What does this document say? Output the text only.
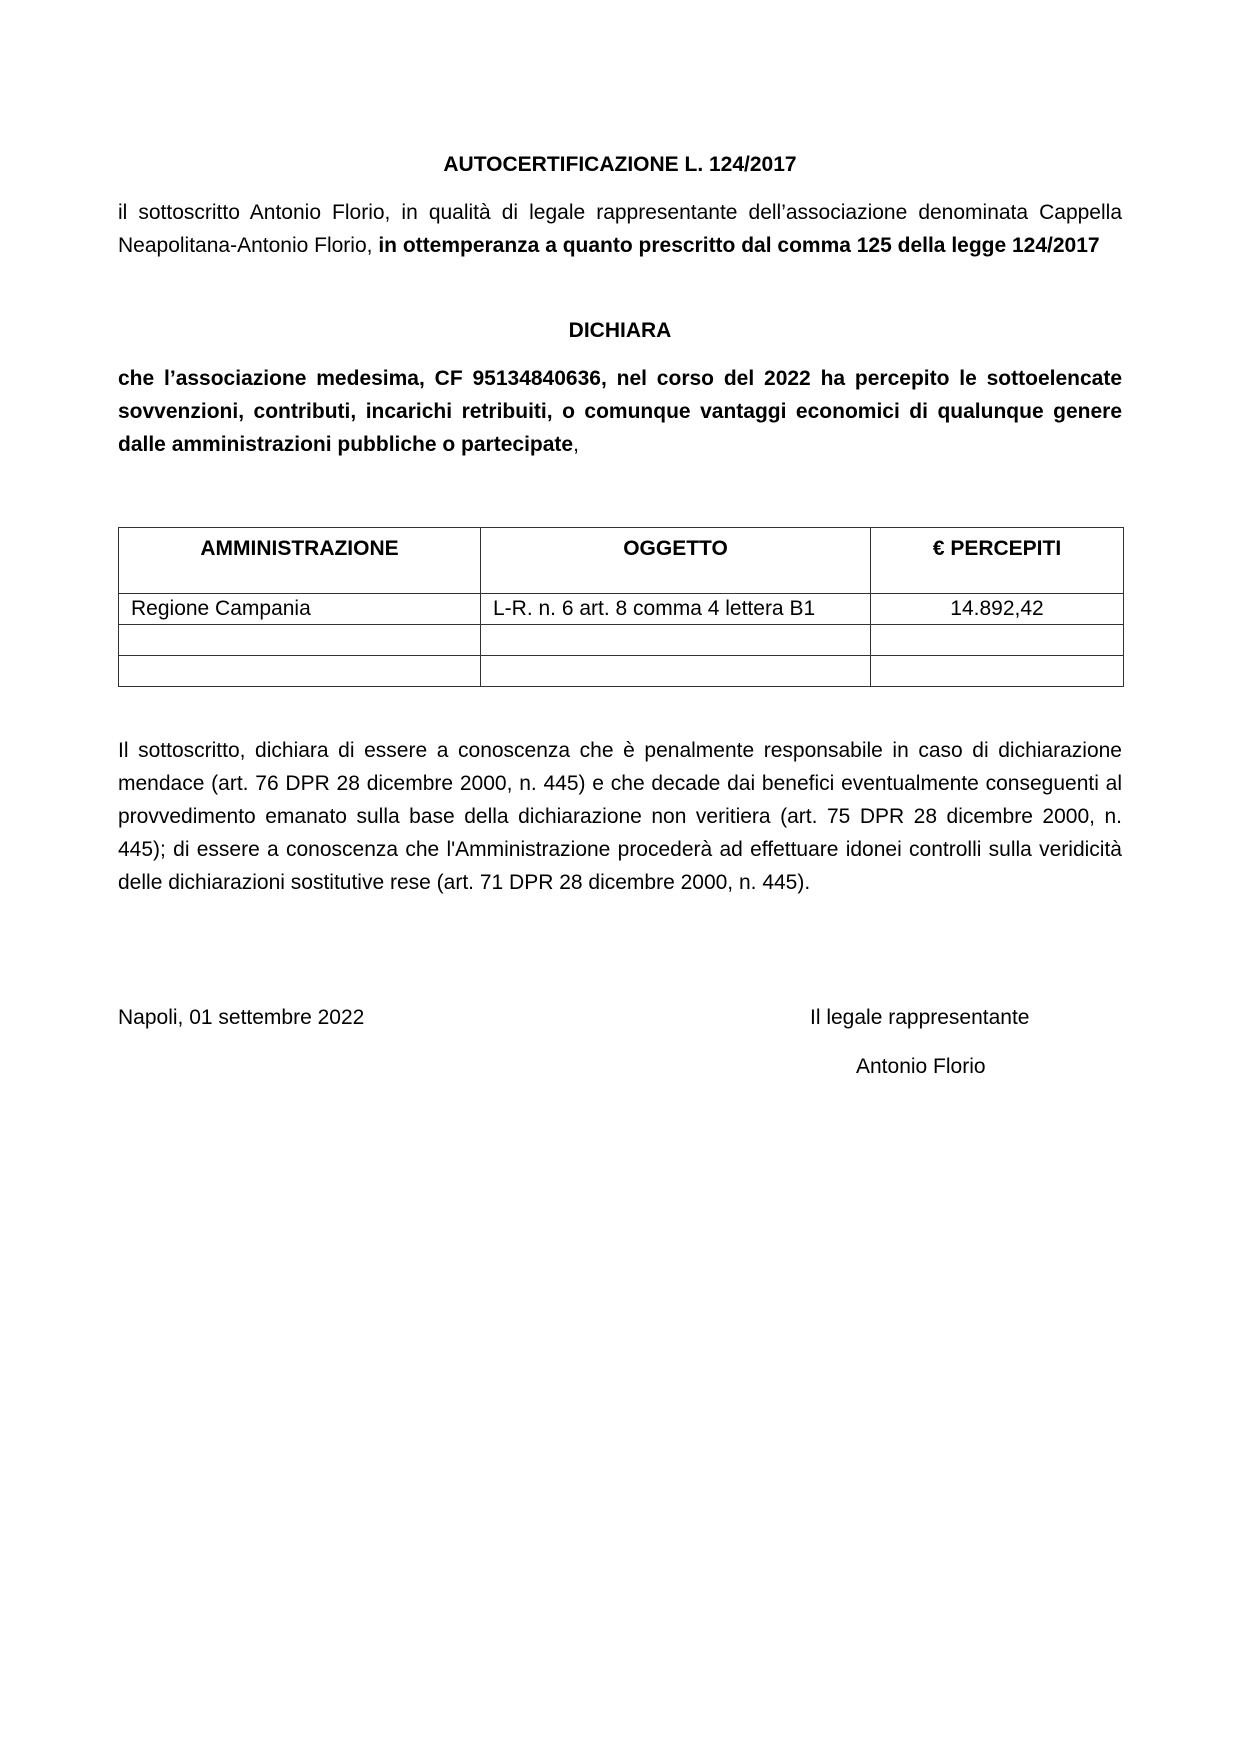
AUTOCERTIFICAZIONE L. 124/2017

il sottoscritto Antonio Florio, in qualità di legale rappresentante dell’associazione denominata Cappella Neapolitana-Antonio Florio, in ottemperanza a quanto prescritto dal comma 125 della legge 124/2017

DICHIARA

che l’associazione medesima, CF 95134840636, nel corso del 2022 ha percepito le sottoelencate sovvenzioni, contributi, incarichi retribuiti, o comunque vantaggi economici di qualunque genere dalle amministrazioni pubbliche o partecipate,

AMMINISTRAZIONE	OGGETTO	€ PERCEPITI
Regione Campania	L-R. n. 6 art. 8 comma 4 lettera B1	14.892,42

Il sottoscritto, dichiara di essere a conoscenza che è penalmente responsabile in caso di dichiarazione mendace (art. 76 DPR 28 dicembre 2000, n. 445) e che decade dai benefici eventualmente conseguenti al provvedimento emanato sulla base della dichiarazione non veritiera (art. 75 DPR 28 dicembre 2000, n. 445); di essere a conoscenza che l'Amministrazione procederà ad effettuare idonei controlli sulla veridicità delle dichiarazioni sostitutive rese (art. 71 DPR 28 dicembre 2000, n. 445).

Napoli, 01 settembre 2022	Il legale rappresentante
Antonio Florio
